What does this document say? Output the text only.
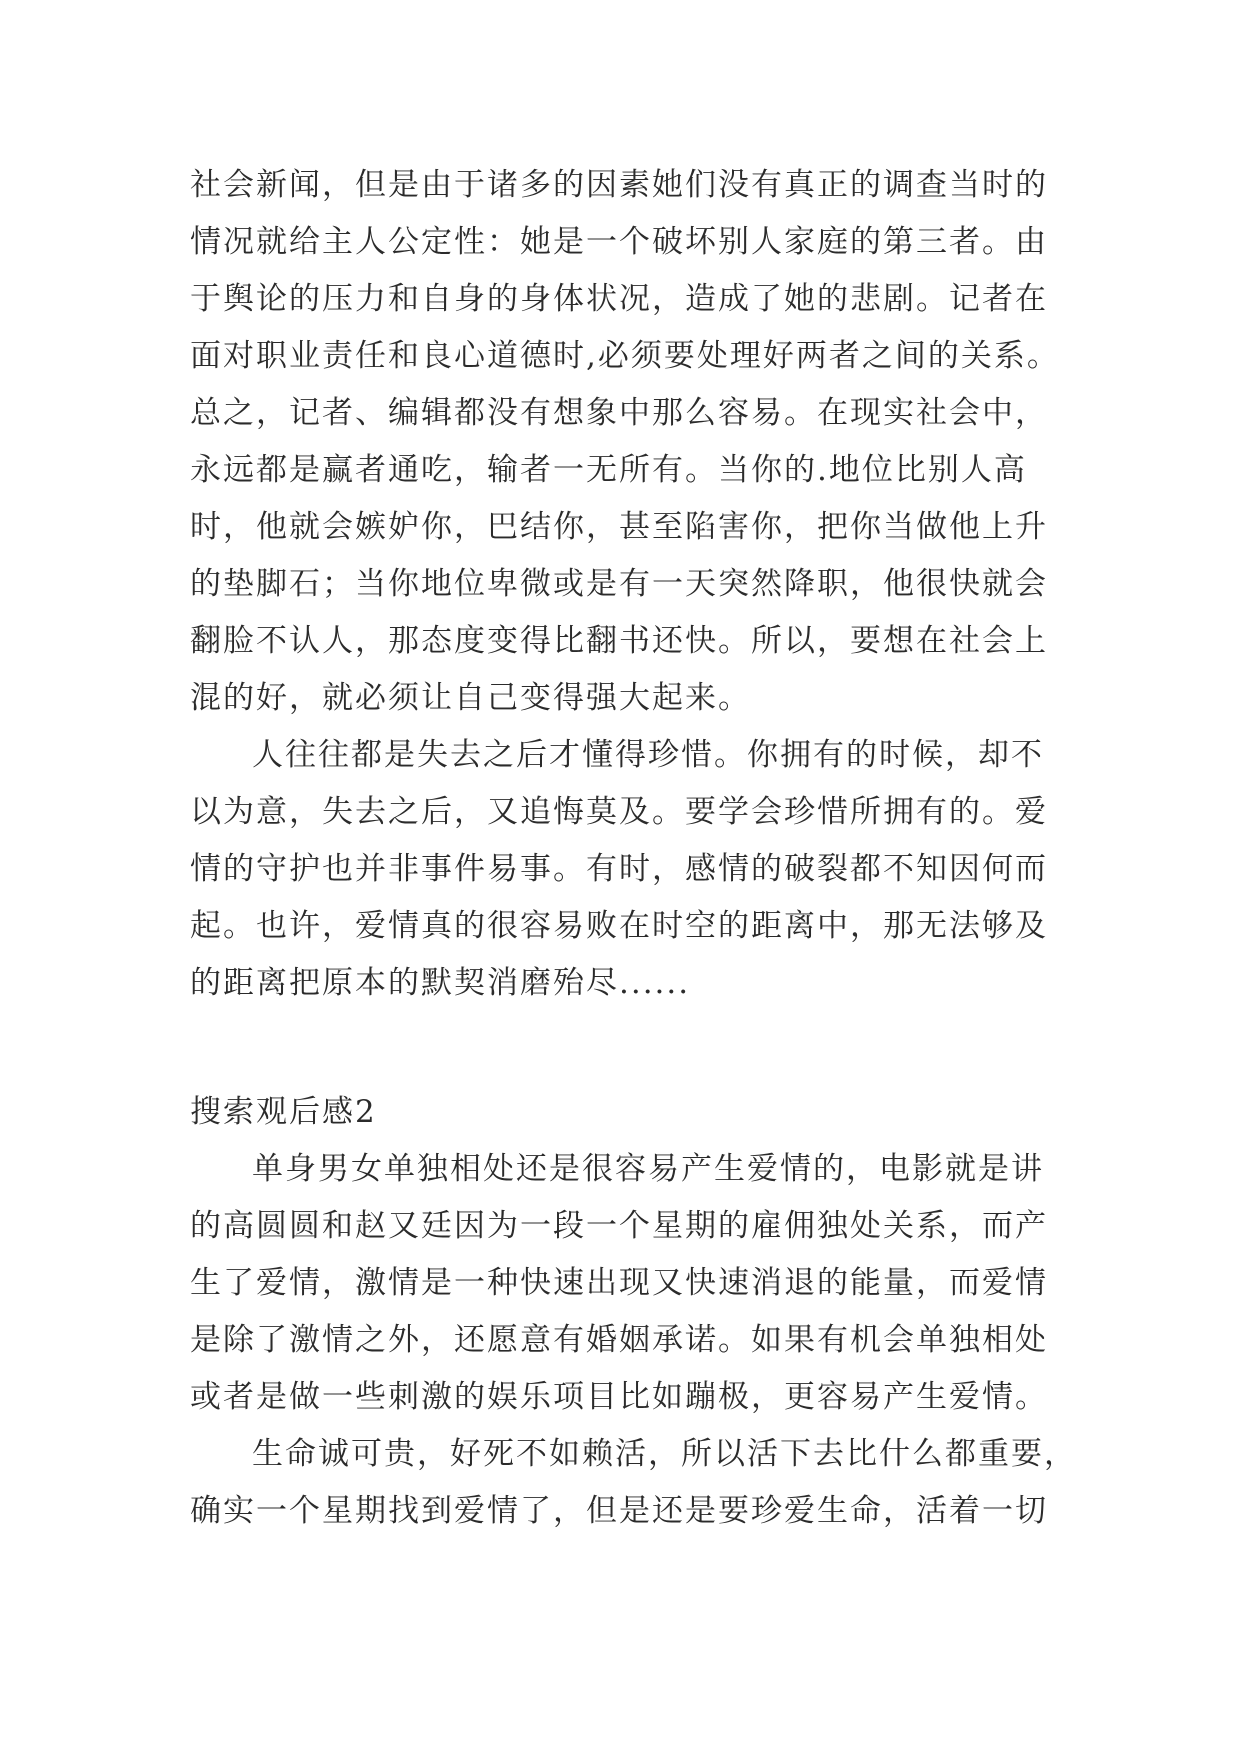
社会新闻，但是由于诸多的因素她们没有真正的调查当时的
情况就给主人公定性：她是一个破坏别人家庭的第三者。由
于舆论的压力和自身的身体状况，造成了她的悲剧。记者在
面对职业责任和良心道德时,必须要处理好两者之间的关系。
总之，记者、编辑都没有想象中那么容易。在现实社会中，
永远都是赢者通吃，输者一无所有。当你的.地位比别人高
时，他就会嫉妒你，巴结你，甚至陷害你，把你当做他上升
的垫脚石；当你地位卑微或是有一天突然降职，他很快就会
翻脸不认人，那态度变得比翻书还快。所以，要想在社会上
混的好，就必须让自己变得强大起来。
人往往都是失去之后才懂得珍惜。你拥有的时候，却不
以为意，失去之后，又追悔莫及。要学会珍惜所拥有的。爱
情的守护也并非事件易事。有时，感情的破裂都不知因何而
起。也许，爱情真的很容易败在时空的距离中，那无法够及
的距离把原本的默契消磨殆尽......
搜索观后感2
单身男女单独相处还是很容易产生爱情的，电影就是讲
的高圆圆和赵又廷因为一段一个星期的雇佣独处关系，而产
生了爱情，激情是一种快速出现又快速消退的能量，而爱情
是除了激情之外，还愿意有婚姻承诺。如果有机会单独相处
或者是做一些刺激的娱乐项目比如蹦极，更容易产生爱情。
生命诚可贵，好死不如赖活，所以活下去比什么都重要，
确实一个星期找到爱情了，但是还是要珍爱生命，活着一切
